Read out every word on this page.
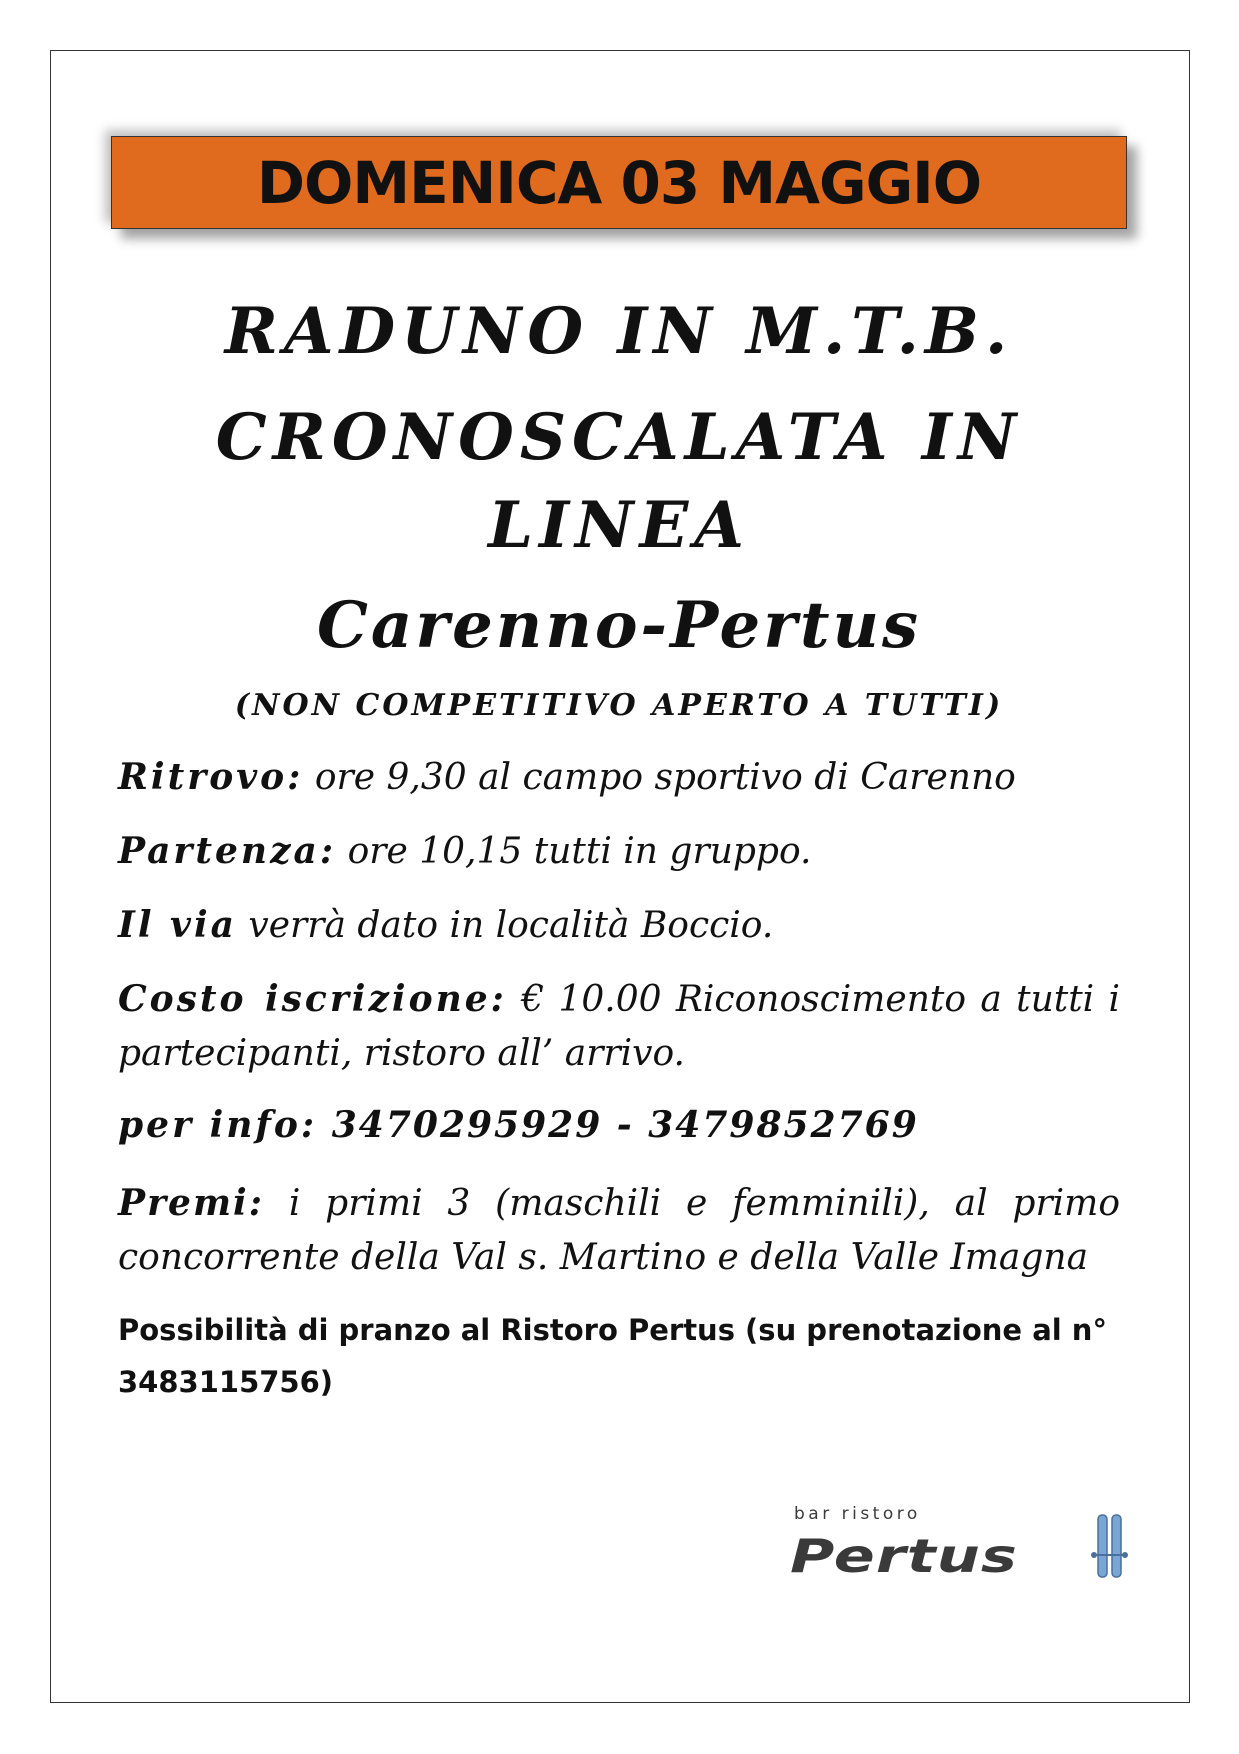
DOMENICA 03 MAGGIO
RADUNO IN M.T.B.
CRONOSCALATA IN LINEA
Carenno-Pertus
(NON COMPETITIVO APERTO A TUTTI)

Ritrovo: ore 9,30 al campo sportivo di Carenno

Partenza: ore 10,15 tutti in gruppo.

Il via verrà dato in località Boccio.

Costo iscrizione: € 10.00 Riconoscimento a tutti i partecipanti, ristoro all’ arrivo.

per info: 3470295929 - 3479852769

Premi: i primi 3 (maschili e femminili), al primo concorrente della Val s. Martino e della Valle Imagna

Possibilità di pranzo al Ristoro Pertus (su prenotazione al n° 3483115756)

bar ristoro
Pertus
